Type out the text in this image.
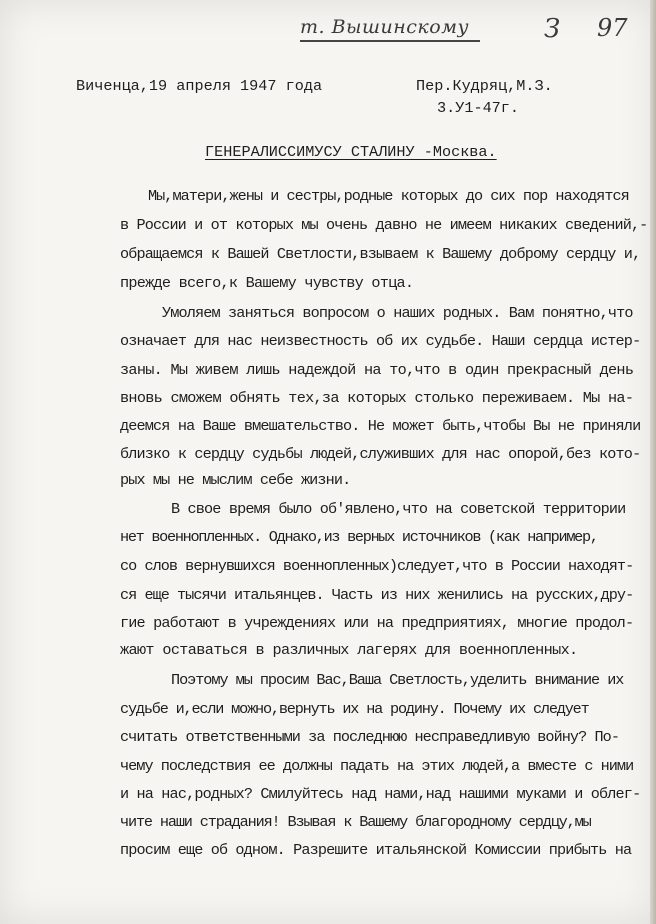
т. Вышинскому	З 97
Виченца,19 апреля 1947 года	Пер.Кудряц,М.З.
3.У1-47г.
ГЕНЕРАЛИССИМУСУ СТАЛИНУ -Москва.
Мы,матери,жены и сестры,родные которых до сих пор находятся
в России и от которых мы очень давно не имеем никаких сведений,-
обращаемся к Вашей Светлости,взываем к Вашему доброму сердцу и,
прежде всего,к Вашему чувству отца.
Умоляем заняться вопросом о наших родных. Вам понятно,что
означает для нас неизвестность об их судьбе. Наши сердца истер-
заны. Мы живем лишь надеждой на то,что в один прекрасный день
вновь сможем обнять тех,за которых столько переживаем. Мы на-
деемся на Ваше вмешательство. Не может быть,чтобы Вы не приняли
близко к сердцу судьбы людей,служивших для нас опорой,без кото-
рых мы не мыслим себе жизни.
В свое время было об'явлено,что на советской территории
нет военнопленных. Однако,из верных источников (как например,
со слов вернувшихся военнопленных)следует,что в России находят-
ся еще тысячи итальянцев. Часть из них женились на русских,дру-
гие работают в учреждениях или на предприятиях, многие продол-
жают оставаться в различных лагерях для военнопленных.
Поэтому мы просим Вас,Ваша Светлость,уделить внимание их
судьбе и,если можно,вернуть их на родину. Почему их следует
считать ответственными за последнюю несправедливую войну? По-
чему последствия ее должны падать на этих людей,а вместе с ними
и на нас,родных? Смилуйтесь над нами,над нашими муками и облег-
чите наши страдания! Взывая к Вашему благородному сердцу,мы
просим еще об одном. Разрешите итальянской Комиссии прибыть на
